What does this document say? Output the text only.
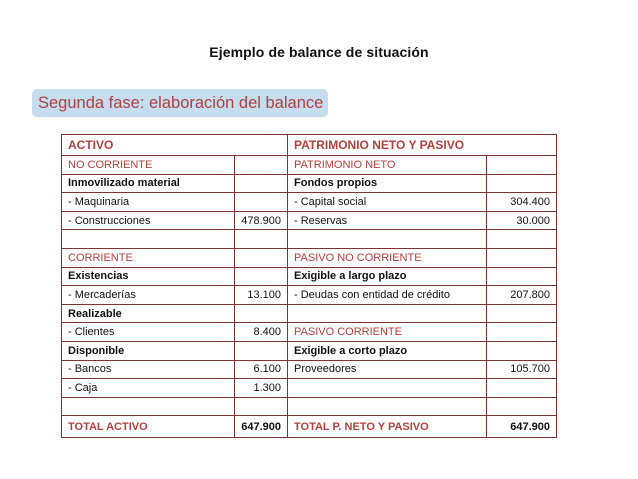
Ejemplo de balance de situación
Segunda fase: elaboración del balance
ACTIVO		PATRIMONIO NETO Y PASIVO	
NO CORRIENTE		PATRIMONIO NETO	
Inmovilizado material		Fondos propios	
- Maquinaria		- Capital social	304.400
- Construcciones	478.900	- Reservas	30.000

CORRIENTE		PASIVO NO CORRIENTE	
Existencias		Exigible a largo plazo	
- Mercaderías	13.100	- Deudas con entidad de crédito	207.800
Realizable			
- Clientes	8.400	PASIVO CORRIENTE	
Disponible		Exigible a corto plazo	
- Bancos	6.100	Proveedores	105.700
- Caja	1.300		

TOTAL ACTIVO	647.900	TOTAL P. NETO Y PASIVO	647.900
